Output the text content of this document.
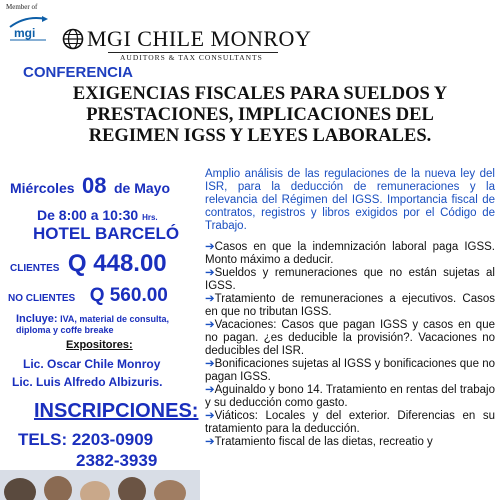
Member of
mgi MGI CHILE MONROY
AUDITORS & TAX CONSULTANTS
CONFERENCIA
EXIGENCIAS FISCALES PARA SUELDOS Y PRESTACIONES, IMPLICACIONES DEL REGIMEN IGSS Y LEYES LABORALES.
Miércoles 08 de Mayo
De 8:00 a 10:30 Hrs.
HOTEL BARCELÓ
CLIENTES Q 448.00
NO CLIENTES Q 560.00
Incluye: IVA, material de consulta, diploma y coffe breake
Expositores:
Lic. Oscar Chile Monroy
Lic. Luis Alfredo Albizuris.
INSCRIPCIONES:
TELS: 2203-0909
2382-3939

Amplio análisis de las regulaciones de la nueva ley del ISR, para la deducción de remuneraciones y la relevancia del Régimen del IGSS. Importancia fiscal de contratos, registros y libros exigidos por el Código de Trabajo.

➔Casos en que la indemnización laboral paga IGSS. Monto máximo a deducir.

➔Sueldos y remuneraciones que no están sujetas al IGSS.

➔Tratamiento de remuneraciones a ejecutivos. Casos en que no tributan IGSS.

➔Vacaciones: Casos que pagan IGSS y casos en que no pagan. ¿es deducible la provisión?. Vacaciones no deducibles del ISR.

➔Bonificaciones sujetas al IGSS y bonificaciones que no pagan IGSS.

➔Aguinaldo y bono 14. Tratamiento en rentas del trabajo y su deducción como gasto.

➔Viáticos: Locales y del exterior. Diferencias en su tratamiento para la deducción.

➔Tratamiento fiscal de las dietas, recreatio y
